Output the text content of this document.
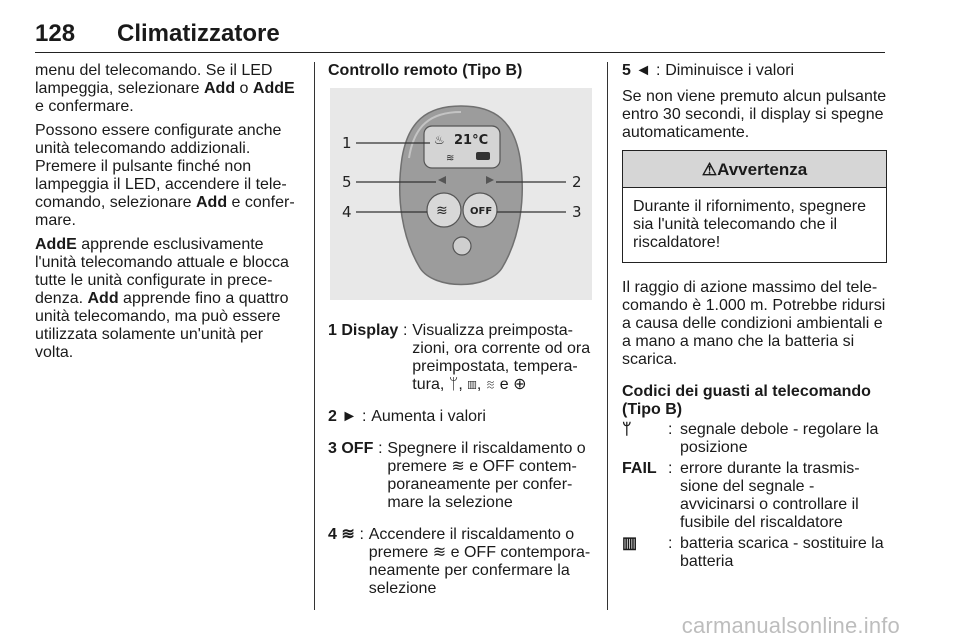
128 Climatizzatore

menu del telecomando. Se il LED lampeggia, selezionare Add o AddE e confermare.

Possono essere configurate anche unità telecomando addizionali. Premere il pulsante finché non lampeggia il LED, accendere il telecomando, selezionare Add e confermare.

AddE apprende esclusivamente l'unità telecomando attuale e blocca tutte le unità configurate in precedenza. Add apprende fino a quattro unità telecomando, ma può essere utilizzata solamente un'unità per volta.

Controllo remoto (Tipo B)
♨ 21°C
≋
≋ OFF
1
2
3
4
5
1 Display : Visualizza preimpostazioni, ora corrente od ora preimpostata, temperatura, ᛘ, ▥, ≋ e ⊕
2 ► : Aumenta i valori
3 OFF : Spegnere il riscaldamento o premere ≋ e OFF contemporaneamente per confermare la selezione
4 ≋ : Accendere il riscaldamento o premere ≋ e OFF contemporaneamente per confermare la selezione
5 ◄ : Diminuisce i valori

Se non viene premuto alcun pulsante entro 30 secondi, il display si spegne automaticamente.

⚠Avvertenza
Durante il rifornimento, spegnere sia l'unità telecomando che il riscaldatore!

Il raggio di azione massimo del telecomando è 1.000 m. Potrebbe ridursi a causa delle condizioni ambientali e a mano a mano che la batteria si scarica.

Codici dei guasti al telecomando (Tipo B)
ᛘ	: segnale debole - regolare la posizione
FAIL : errore durante la trasmissione del segnale - avvicinarsi o controllare il fusibile del riscaldatore
▥	: batteria scarica - sostituire la batteria
carmanualsonline.info
